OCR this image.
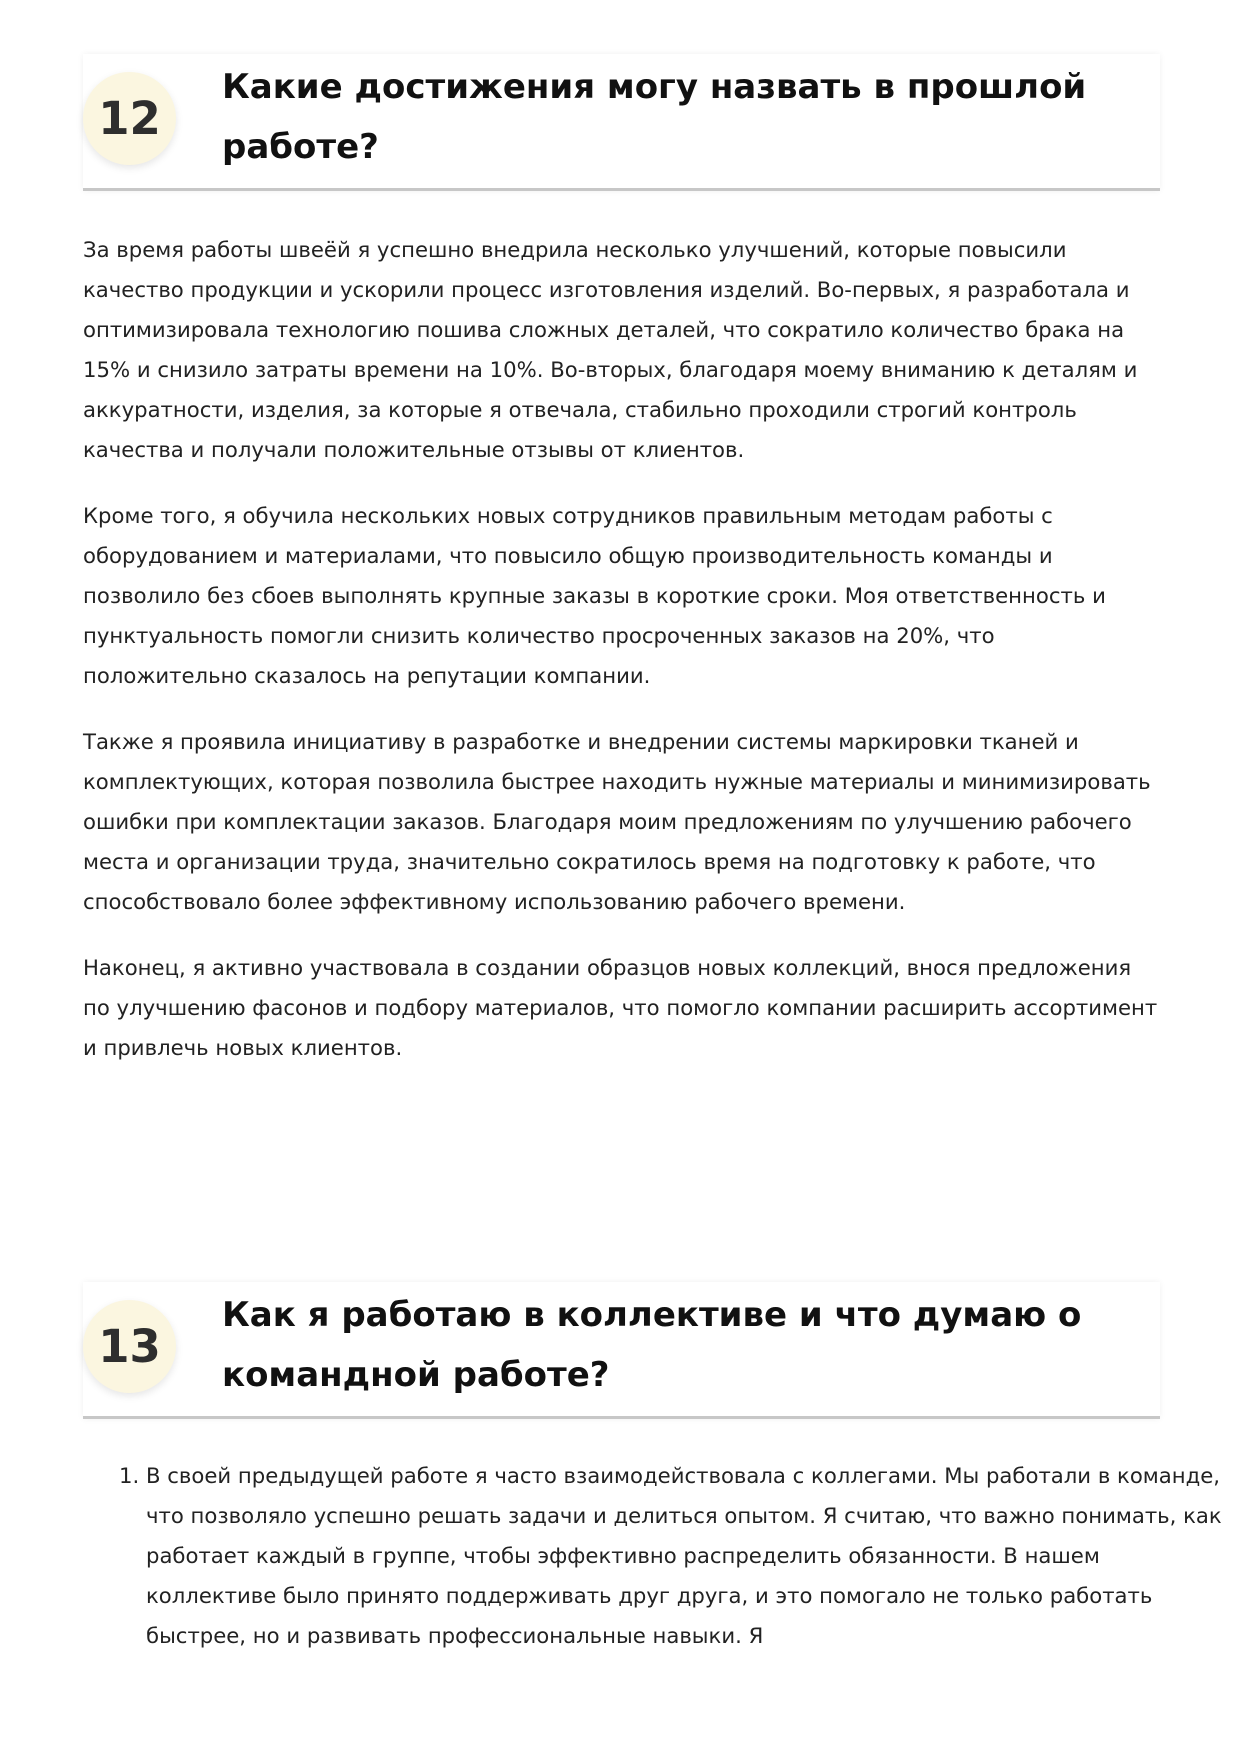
12
Какие достижения могу назвать в прошлой работе?

За время работы швеёй я успешно внедрила несколько улучшений, которые повысили качество продукции и ускорили процесс изготовления изделий. Во-первых, я разработала и оптимизировала технологию пошива сложных деталей, что сократило количество брака на 15% и снизило затраты времени на 10%. Во-вторых, благодаря моему вниманию к деталям и аккуратности, изделия, за которые я отвечала, стабильно проходили строгий контроль качества и получали положительные отзывы от клиентов.

Кроме того, я обучила нескольких новых сотрудников правильным методам работы с оборудованием и материалами, что повысило общую производительность команды и позволило без сбоев выполнять крупные заказы в короткие сроки. Моя ответственность и пунктуальность помогли снизить количество просроченных заказов на 20%, что положительно сказалось на репутации компании.

Также я проявила инициативу в разработке и внедрении системы маркировки тканей и комплектующих, которая позволила быстрее находить нужные материалы и минимизировать ошибки при комплектации заказов. Благодаря моим предложениям по улучшению рабочего места и организации труда, значительно сократилось время на подготовку к работе, что способствовало более эффективному использованию рабочего времени.

Наконец, я активно участвовала в создании образцов новых коллекций, внося предложения по улучшению фасонов и подбору материалов, что помогло компании расширить ассортимент и привлечь новых клиентов.

13
Как я работаю в коллективе и что думаю о командной работе?
1. В своей предыдущей работе я часто взаимодействовала с коллегами. Мы работали в команде, что позволяло успешно решать задачи и делиться опытом. Я считаю, что важно понимать, как работает каждый в группе, чтобы эффективно распределить обязанности. В нашем коллективе было принято поддерживать друг друга, и это помогало не только работать быстрее, но и развивать профессиональные навыки. Я
